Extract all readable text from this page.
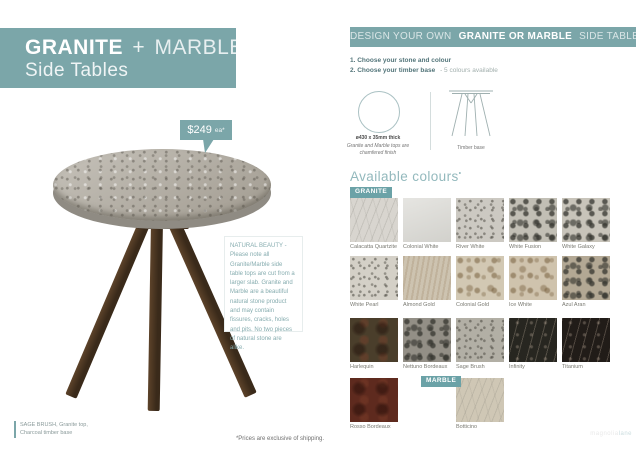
GRANITE + MARBLE
Side Tables
$249 ea*
NATURAL BEAUTY - Please note all Granite/Marble side table tops are cut from a larger slab. Granite and Marble are a beautiful natural stone product and may contain fissures, cracks, holes and pits. No two pieces of natural stone are alike.
SAGE BRUSH, Granite top,
Charcoal timber base
*Prices are exclusive of shipping.
DESIGN YOUR OWN GRANITE OR MARBLE SIDE TABLE
1. Choose your stone and colour
2. Choose your timber base - 5 colours available
ø430 x 35mm thick
Granite and Marble tops are chamfered finish
Timber base
Available colours•
GRANITE
MARBLE
Calacatta Quartzite Colonial White	River White	White Fusion	White Galaxy
White Pearl	Almond Gold	Colonial Gold	Ice White	Azul Aran
Harlequin	Nettuno Bordeaux	Sage Brush	Infinity	Titanium
Rosso Bordeaux	Botticino
magnolialane
